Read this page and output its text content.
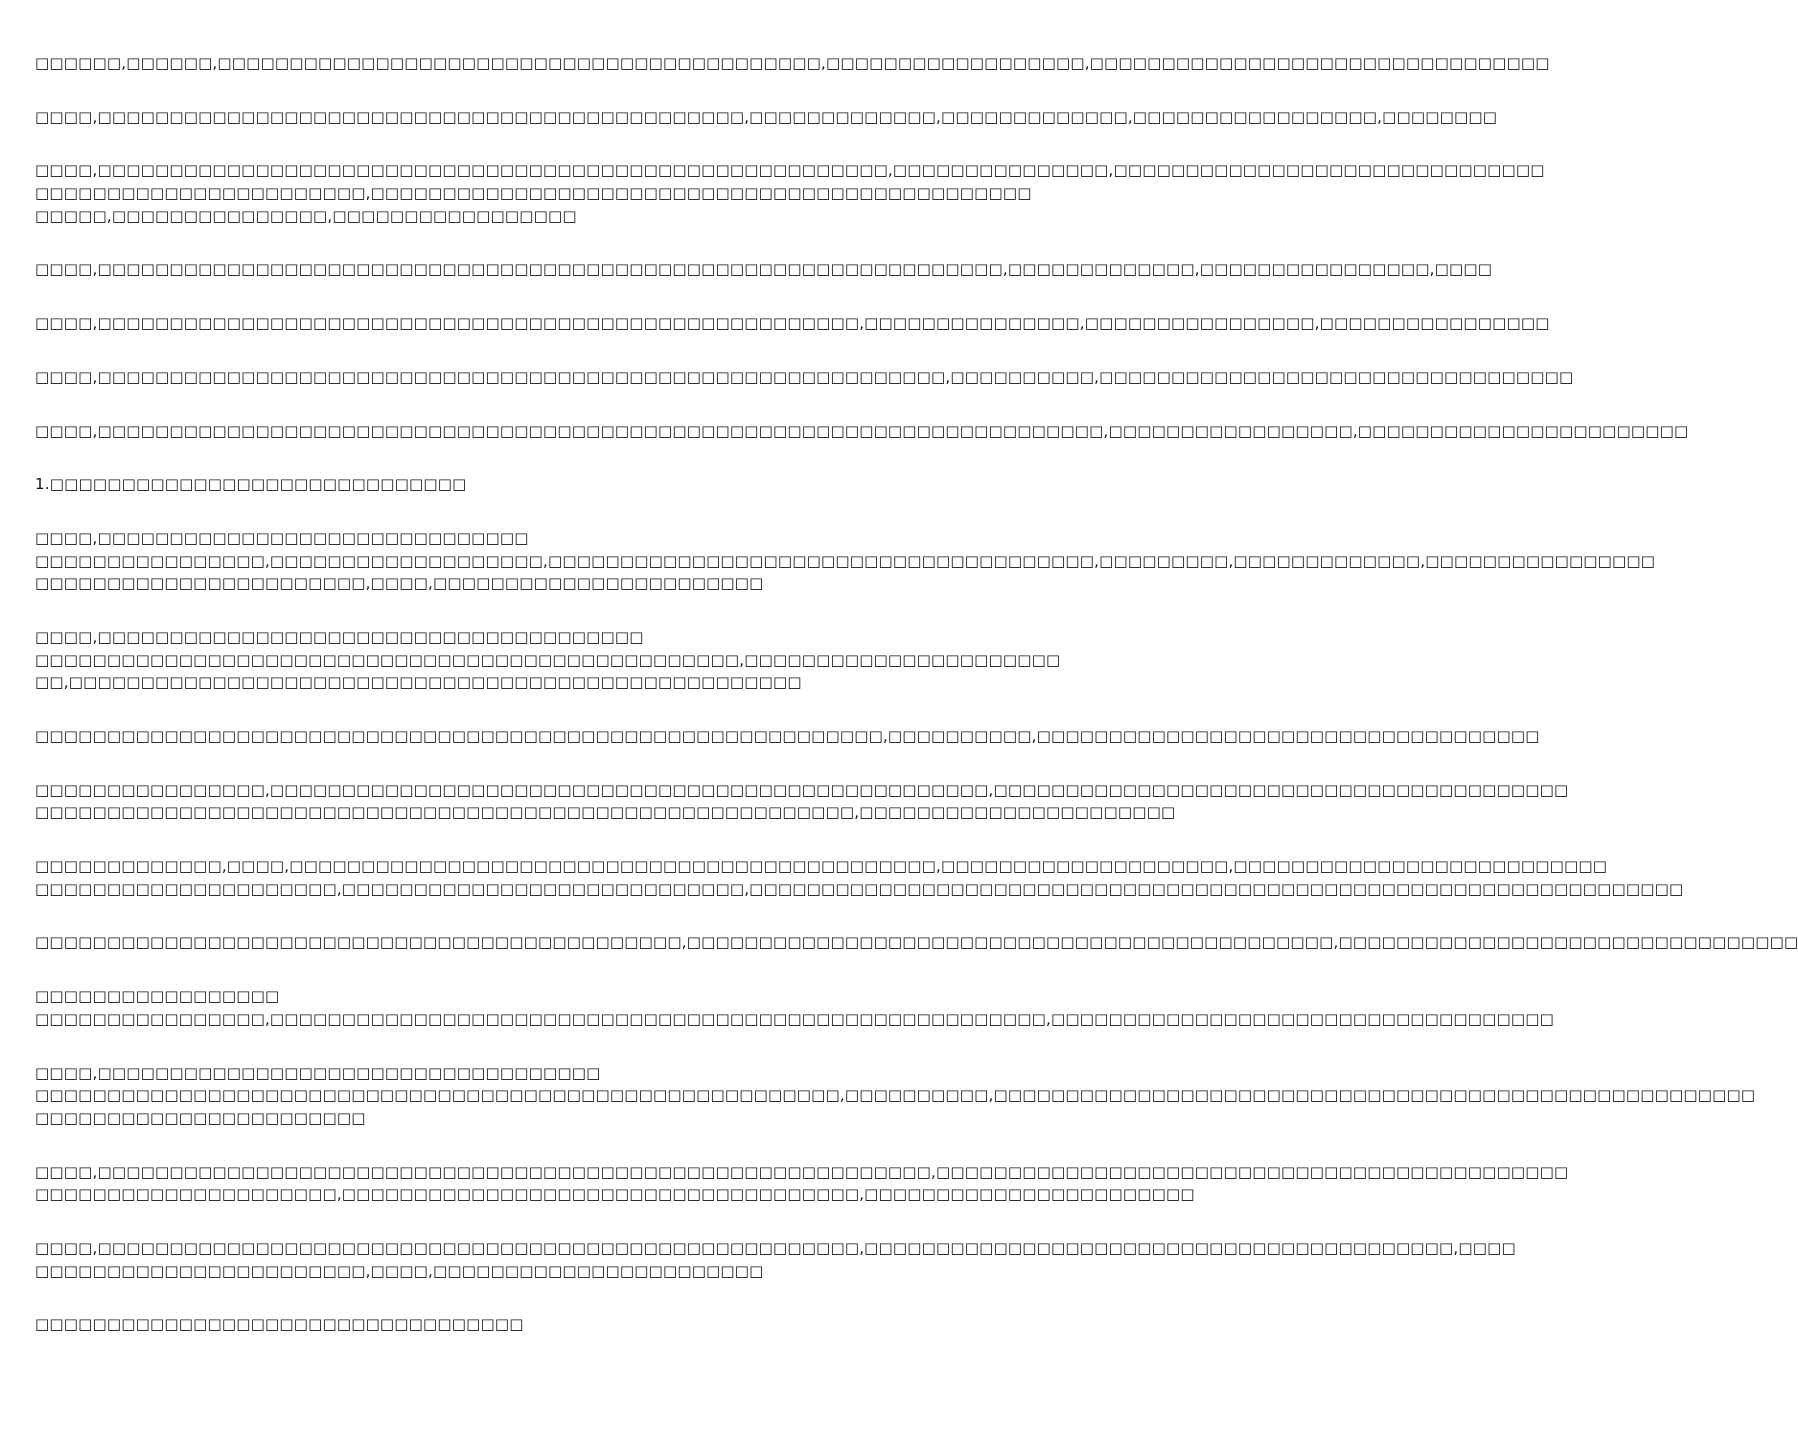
□□□□□□,□□□□□□,□□□□□□□□□□□□□□□□□□□□□□□□□□□□□□□□□□□□□□□□□□,□□□□□□□□□□□□□□□□□□,□□□□□□□□□□□□□□□□□□□□□□□□□□□□□□□□
□□□□,□□□□□□□□□□□□□□□□□□□□□□□□□□□□□□□□□□□□□□□□□□□□□,□□□□□□□□□□□□□,□□□□□□□□□□□□□,□□□□□□□□□□□□□□□□□,□□□□□□□□
□□□□,□□□□□□□□□□□□□□□□□□□□□□□□□□□□□□□□□□□□□□□□□□□□□□□□□□□□□□□,□□□□□□□□□□□□□□□,□□□□□□□□□□□□□□□□□□□□□□□□□□□□□□
□□□□□□□□□□□□□□□□□□□□□□□,□□□□□□□□□□□□□□□□□□□□□□□□□□□□□□□□□□□□□□□□□□□□□□
□□□□□,□□□□□□□□□□□□□□□,□□□□□□□□□□□□□□□□□
□□□□,□□□□□□□□□□□□□□□□□□□□□□□□□□□□□□□□□□□□□□□□□□□□□□□□□□□□□□□□□□□□□□□,□□□□□□□□□□□□□,□□□□□□□□□□□□□□□□,□□□□
□□□□,□□□□□□□□□□□□□□□□□□□□□□□□□□□□□□□□□□□□□□□□□□□□□□□□□□□□□,□□□□□□□□□□□□□□□,□□□□□□□□□□□□□□□□,□□□□□□□□□□□□□□□□
□□□□,□□□□□□□□□□□□□□□□□□□□□□□□□□□□□□□□□□□□□□□□□□□□□□□□□□□□□□□□□□□,□□□□□□□□□□,□□□□□□□□□□□□□□□□□□□□□□□□□□□□□□□□□
□□□□,□□□□□□□□□□□□□□□□□□□□□□□□□□□□□□□□□□□□□□□□□□□□□□□□□□□□□□□□□□□□□□□□□□□□□□,□□□□□□□□□□□□□□□□□,□□□□□□□□□□□□□□□□□□□□□□□
1.□□□□□□□□□□□□□□□□□□□□□□□□□□□□□
□□□□,□□□□□□□□□□□□□□□□□□□□□□□□□□□□□□
□□□□□□□□□□□□□□□□,□□□□□□□□□□□□□□□□□□□,□□□□□□□□□□□□□□□□□□□□□□□□□□□□□□□□□□□□□□,□□□□□□□□□,□□□□□□□□□□□□□,□□□□□□□□□□□□□□□□
□□□□□□□□□□□□□□□□□□□□□□□,□□□□,□□□□□□□□□□□□□□□□□□□□□□□
□□□□,□□□□□□□□□□□□□□□□□□□□□□□□□□□□□□□□□□□□□□
□□□□□□□□□□□□□□□□□□□□□□□□□□□□□□□□□□□□□□□□□□□□□□□□□,□□□□□□□□□□□□□□□□□□□□□□
□□,□□□□□□□□□□□□□□□□□□□□□□□□□□□□□□□□□□□□□□□□□□□□□□□□□□□
□□□□□□□□□□□□□□□□□□□□□□□□□□□□□□□□□□□□□□□□□□□□□□□□□□□□□□□□□□□,□□□□□□□□□□,□□□□□□□□□□□□□□□□□□□□□□□□□□□□□□□□□□□
□□□□□□□□□□□□□□□□,□□□□□□□□□□□□□□□□□□□□□□□□□□□□□□□□□□□□□□□□□□□□□□□□□□,□□□□□□□□□□□□□□□□□□□□□□□□□□□□□□□□□□□□□□□□
□□□□□□□□□□□□□□□□□□□□□□□□□□□□□□□□□□□□□□□□□□□□□□□□□□□□□□□□□,□□□□□□□□□□□□□□□□□□□□□□
□□□□□□□□□□□□□,□□□□,□□□□□□□□□□□□□□□□□□□□□□□□□□□□□□□□□□□□□□□□□□□□□,□□□□□□□□□□□□□□□□□□□□,□□□□□□□□□□□□□□□□□□□□□□□□□□
□□□□□□□□□□□□□□□□□□□□□,□□□□□□□□□□□□□□□□□□□□□□□□□□□□,□□□□□□□□□□□□□□□□□□□□□□□□□□□□□□□□□□□□□□□□□□□□□□□□□□□□□□□□□□□□□□□□□
□□□□□□□□□□□□□□□□□□□□□□□□□□□□□□□□□□□□□□□□□□□□□,□□□□□□□□□□□□□□□□□□□□□□□□□□□□□□□□□□□□□□□□□□□□□,□□□□□□□□□□□□□□□□□□□□□□□□□□□□□□□□
□□□□□□□□□□□□□□□□□
□□□□□□□□□□□□□□□□,□□□□□□□□□□□□□□□□□□□□□□□□□□□□□□□□□□□□□□□□□□□□□□□□□□□□□□,□□□□□□□□□□□□□□□□□□□□□□□□□□□□□□□□□□□
□□□□,□□□□□□□□□□□□□□□□□□□□□□□□□□□□□□□□□□□
□□□□□□□□□□□□□□□□□□□□□□□□□□□□□□□□□□□□□□□□□□□□□□□□□□□□□□□□,□□□□□□□□□□,□□□□□□□□□□□□□□□□□□□□□□□□□□□□□□□□□□□□□□□□□□□□□□□□□□□□□
□□□□□□□□□□□□□□□□□□□□□□□
□□□□,□□□□□□□□□□□□□□□□□□□□□□□□□□□□□□□□□□□□□□□□□□□□□□□□□□□□□□□□□□,□□□□□□□□□□□□□□□□□□□□□□□□□□□□□□□□□□□□□□□□□□□□
□□□□□□□□□□□□□□□□□□□□□,□□□□□□□□□□□□□□□□□□□□□□□□□□□□□□□□□□□□,□□□□□□□□□□□□□□□□□□□□□□□
□□□□,□□□□□□□□□□□□□□□□□□□□□□□□□□□□□□□□□□□□□□□□□□□□□□□□□□□□□,□□□□□□□□□□□□□□□□□□□□□□□□□□□□□□□□□□□□□□□□□,□□□□
□□□□□□□□□□□□□□□□□□□□□□□,□□□□,□□□□□□□□□□□□□□□□□□□□□□□
□□□□□□□□□□□□□□□□□□□□□□□□□□□□□□□□□□
